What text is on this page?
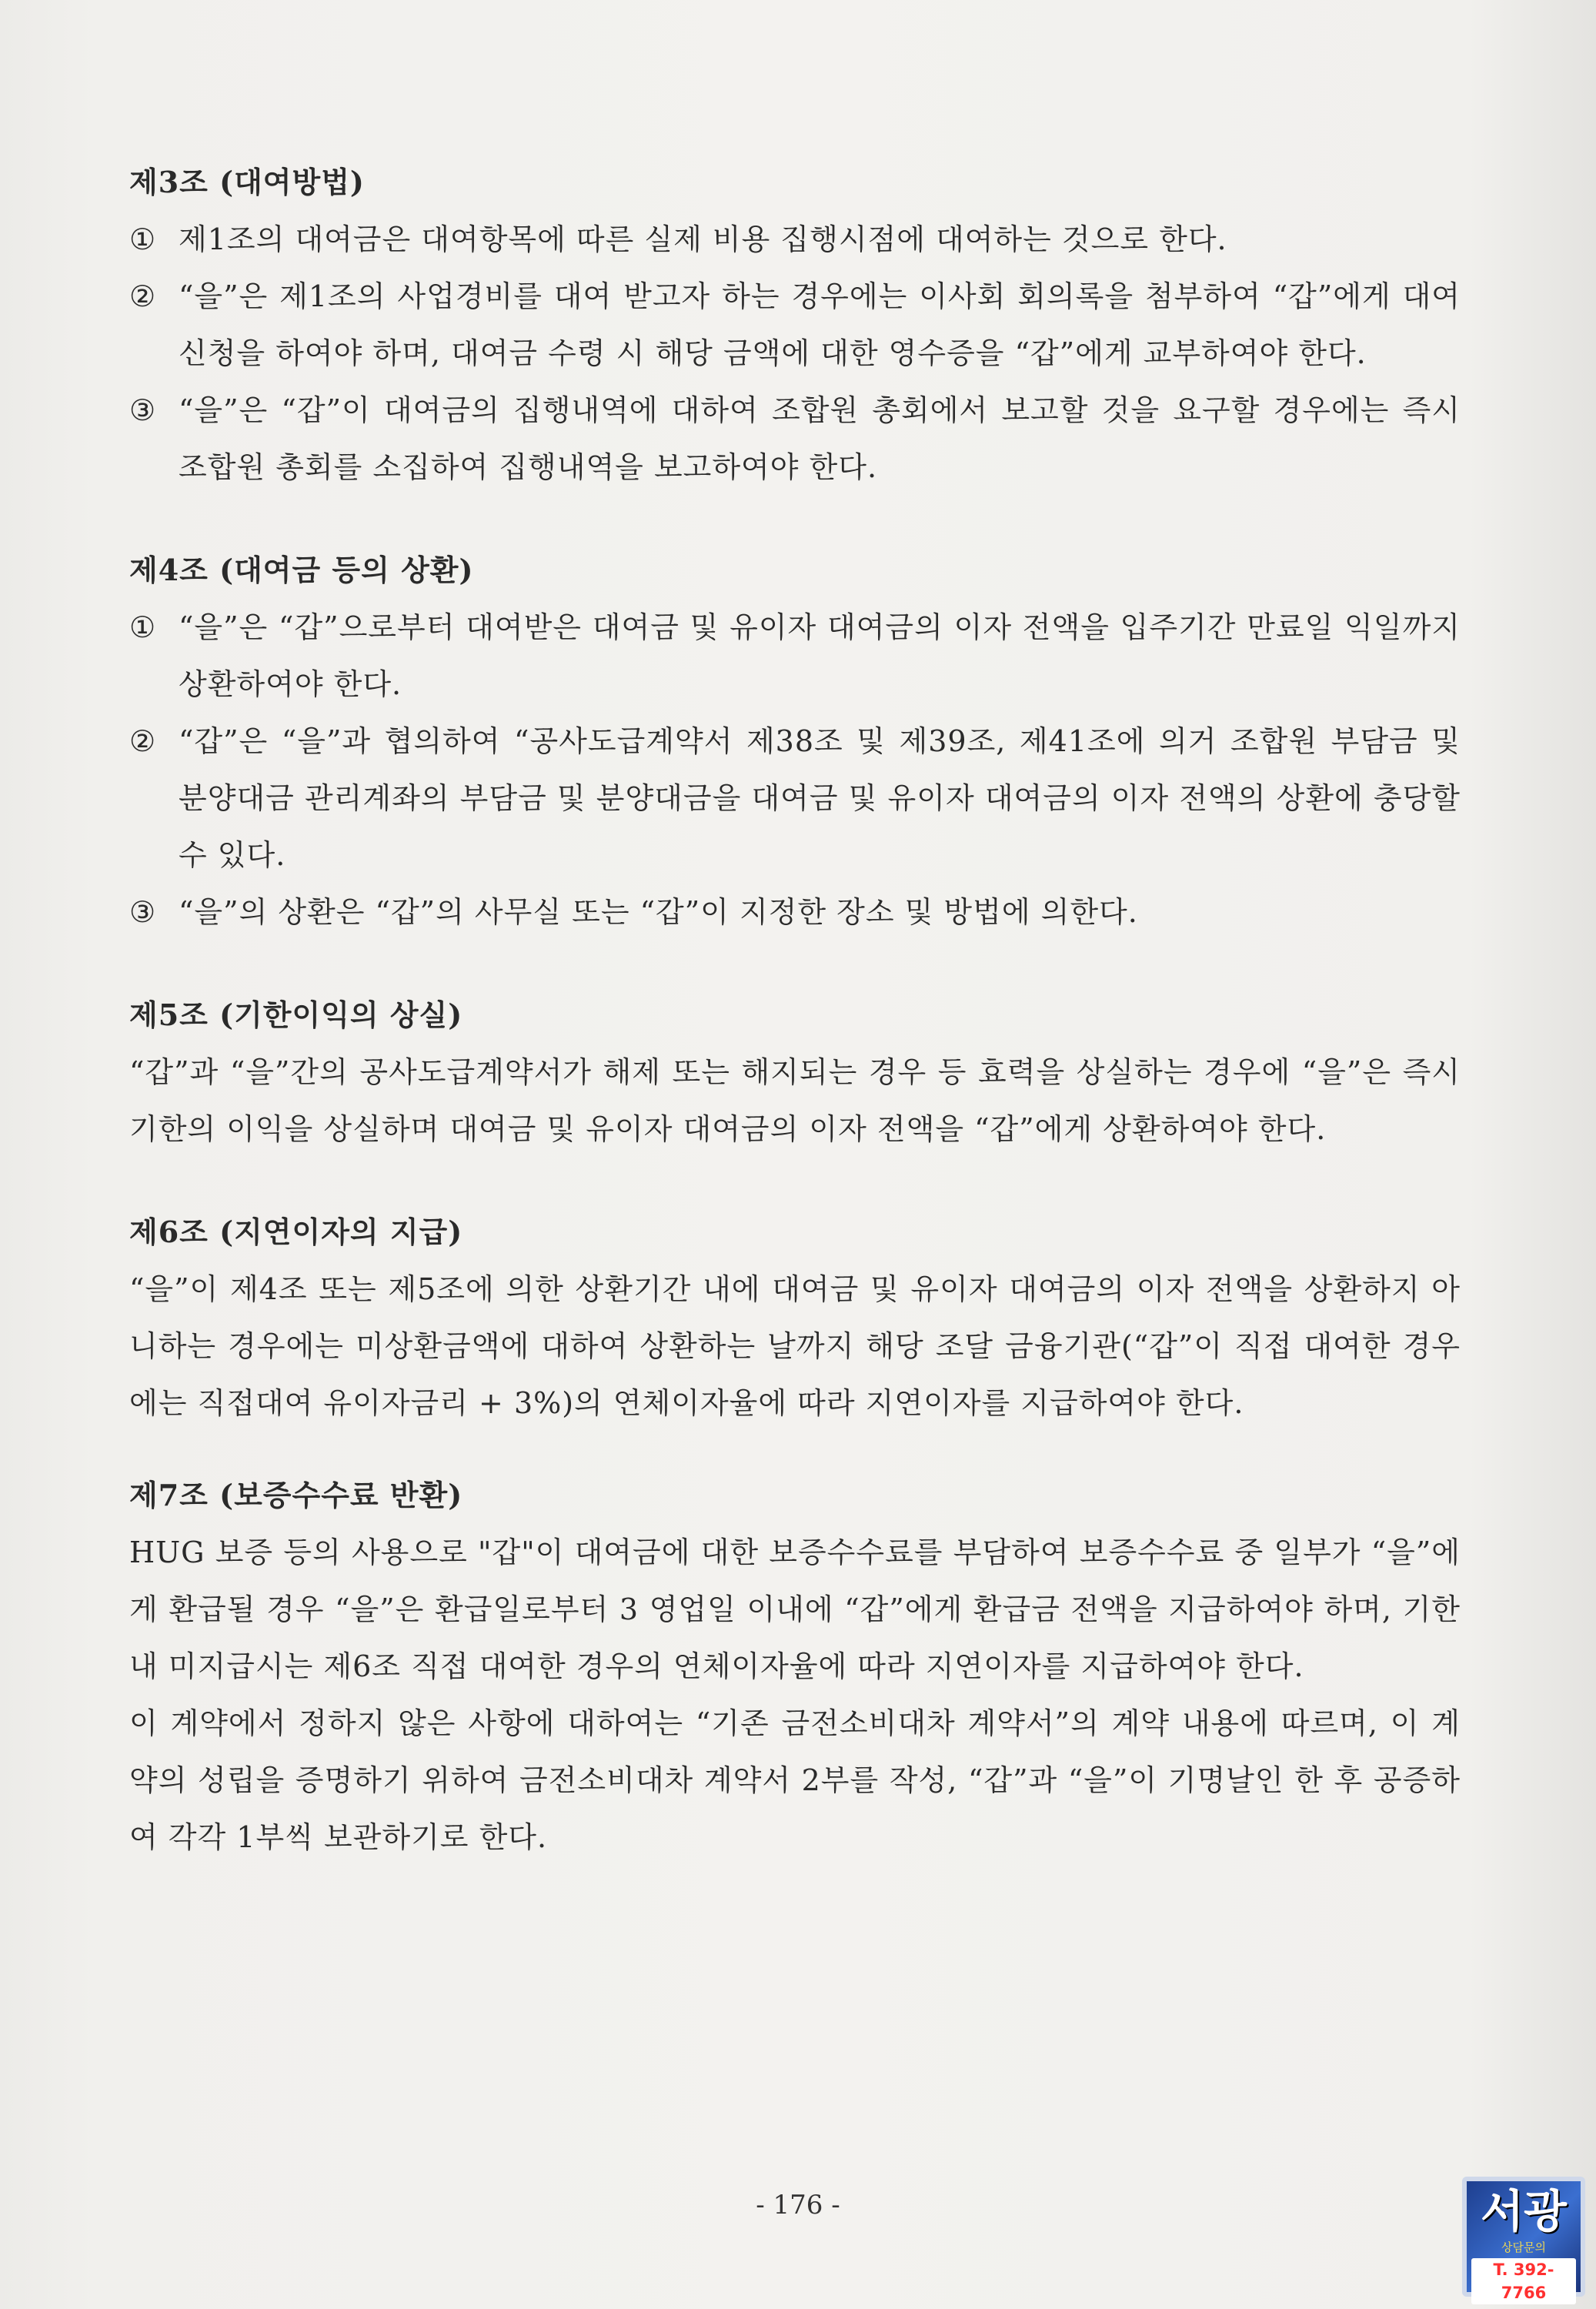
제3조 (대여방법)

① 제1조의 대여금은 대여항목에 따른 실제 비용 집행시점에 대여하는 것으로 한다.
② “을”은 제1조의 사업경비를 대여 받고자 하는 경우에는 이사회 회의록을 첨부하여 “갑”에게 대여 신청을 하여야 하며, 대여금 수령 시 해당 금액에 대한 영수증을 “갑”에게 교부하여야 한다.
③ “을”은 “갑”이 대여금의 집행내역에 대하여 조합원 총회에서 보고할 것을 요구할 경우에는 즉시 조합원 총회를 소집하여 집행내역을 보고하여야 한다.

제4조 (대여금 등의 상환)

① “을”은 “갑”으로부터 대여받은 대여금 및 유이자 대여금의 이자 전액을 입주기간 만료일 익일까지 상환하여야 한다.
② “갑”은 “을”과 협의하여 “공사도급계약서 제38조 및 제39조, 제41조에 의거 조합원 부담금 및 분양대금 관리계좌의 부담금 및 분양대금을 대여금 및 유이자 대여금의 이자 전액의 상환에 충당할 수 있다.
③ “을”의 상환은 “갑”의 사무실 또는 “갑”이 지정한 장소 및 방법에 의한다.

제5조 (기한이익의 상실)

“갑”과 “을”간의 공사도급계약서가 해제 또는 해지되는 경우 등 효력을 상실하는 경우에 “을”은 즉시 기한의 이익을 상실하며 대여금 및 유이자 대여금의 이자 전액을 “갑”에게 상환하여야 한다.

제6조 (지연이자의 지급)

“을”이 제4조 또는 제5조에 의한 상환기간 내에 대여금 및 유이자 대여금의 이자 전액을 상환하지 아니하는 경우에는 미상환금액에 대하여 상환하는 날까지 해당 조달 금융기관(“갑”이 직접 대여한 경우에는 직접대여 유이자금리 + 3%)의 연체이자율에 따라 지연이자를 지급하여야 한다.

제7조 (보증수수료 반환)

HUG 보증 등의 사용으로 "갑"이 대여금에 대한 보증수수료를 부담하여 보증수수료 중 일부가 “을”에게 환급될 경우 “을”은 환급일로부터 3 영업일 이내에 “갑”에게 환급금 전액을 지급하여야 하며, 기한내 미지급시는 제6조 직접 대여한 경우의 연체이자율에 따라 지연이자를 지급하여야 한다.
이 계약에서 정하지 않은 사항에 대하여는 “기존 금전소비대차 계약서”의 계약 내용에 따르며, 이 계약의 성립을 증명하기 위하여 금전소비대차 계약서 2부를 작성, “갑”과 “을”이 기명날인 한 후 공증하여 각각 1부씩 보관하기로 한다.
- 176 -	서광
상담문의
T. 392-7766
